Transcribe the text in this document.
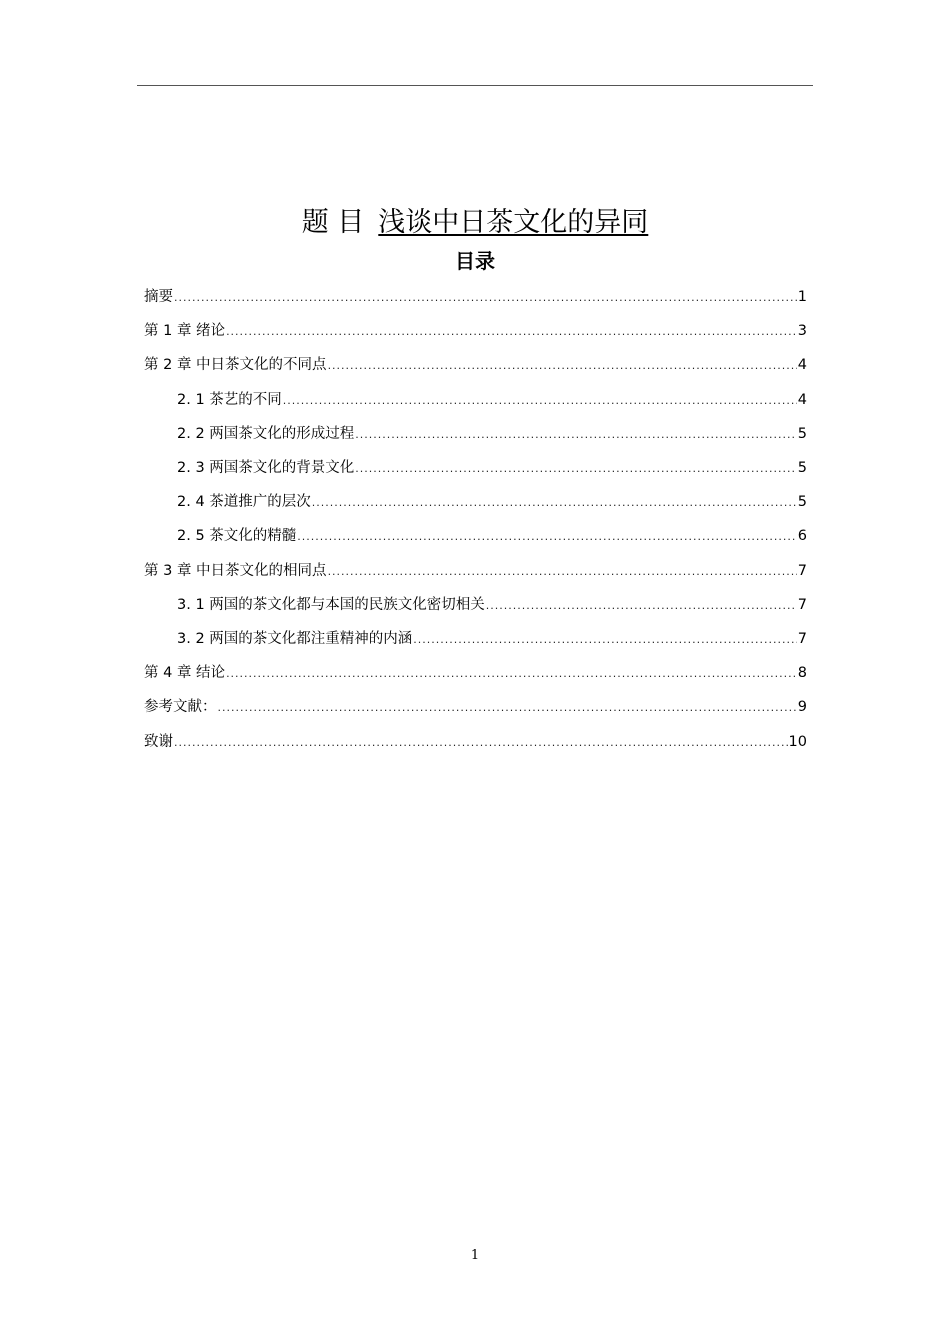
题 目 浅谈中日茶文化的异同
目录
摘要 .....	1
第 1 章 绪论 .....	3
第 2 章 中日茶文化的不同点 .....	4
2. 1 茶艺的不同 .....	4
2. 2 两国茶文化的形成过程 .....	5
2. 3 两国茶文化的背景文化 .....	5
2. 4 茶道推广的层次 .....	5
2. 5 茶文化的精髓 .....	6
第 3 章 中日茶文化的相同点 .....	7
3. 1 两国的茶文化都与本国的民族文化密切相关 .....	7
3. 2 两国的茶文化都注重精神的内涵 .....	7
第 4 章 结论 .....	8
参考文献： .....	9
致谢 .....	10
1
